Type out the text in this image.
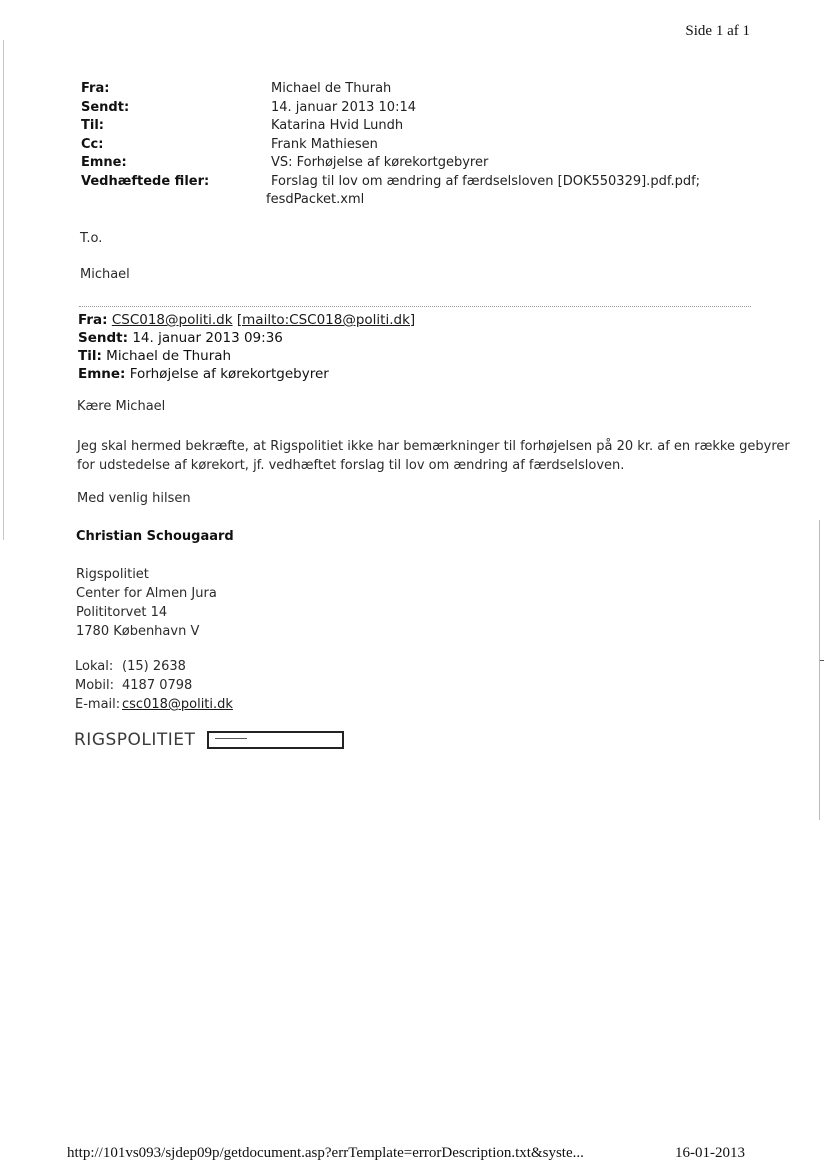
Side 1 af 1
Fra:	Michael de Thurah
Sendt:	14. januar 2013 10:14
Til:	Katarina Hvid Lundh
Cc:	Frank Mathiesen
Emne:	VS: Forhøjelse af kørekortgebyrer
Vedhæftede filer:	Forslag til lov om ændring af færdselsloven [DOK550329].pdf.pdf;
fesdPacket.xml
T.o.
Michael
Fra: CSC018@politi.dk [mailto:CSC018@politi.dk]
Sendt: 14. januar 2013 09:36
Til: Michael de Thurah
Emne: Forhøjelse af kørekortgebyrer
Kære Michael
Jeg skal hermed bekræfte, at Rigspolitiet ikke har bemærkninger til forhøjelsen på 20 kr. af en række gebyrer
for udstedelse af kørekort, jf. vedhæftet forslag til lov om ændring af færdselsloven.
Med venlig hilsen
Christian Schougaard
Rigspolitiet
Center for Almen Jura
Polititorvet 14
1780 København V
Lokal: (15) 2638
Mobil: 4187 0798
E-mail: csc018@politi.dk
RIGSPOLITIET
http://101vs093/sjdep09p/getdocument.asp?errTemplate=errorDescription.txt&syste...	16-01-2013
